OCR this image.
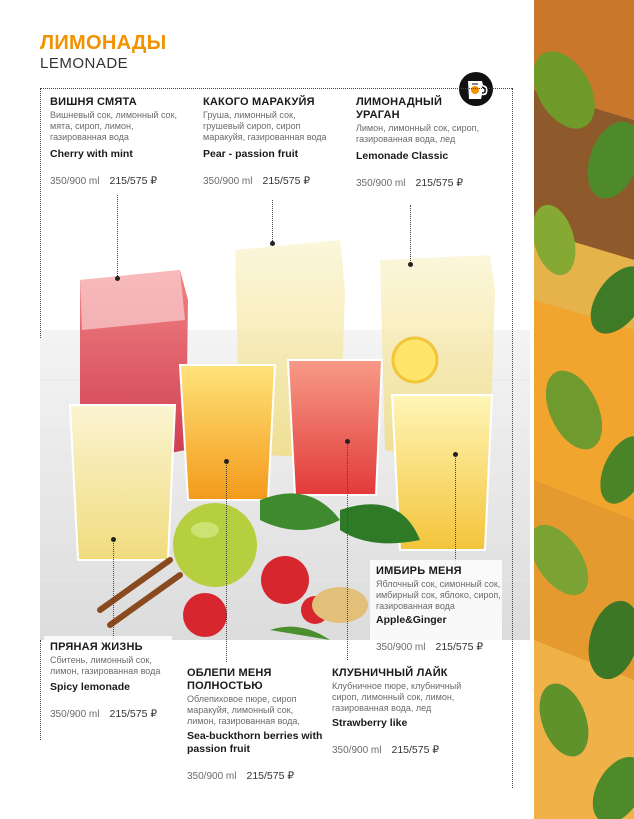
ЛИМОНАДЫ
LEMONADE
ВИШНЯ СМЯТА
Вишневый сок, лимонный сок, мята, сироп, лимон, газированная вода
Cherry with mint
350/900 ml 215/575 ₽
КАКОГО МАРАКУЙЯ
Груша, лимонный сок, грушевый сироп, сироп маракуйя, газированная вода
Pear - passion fruit
350/900 ml 215/575 ₽
ЛИМОНАДНЫЙ УРАГАН
Лимон, лимонный сок, сироп, газированная вода, лед
Lemonade Classic
350/900 ml 215/575 ₽
ИМБИРЬ МЕНЯ
Яблочный сок, симонный сок, имбирный сок, яблоко, сироп, газированная вода
Apple&Ginger
350/900 ml 215/575 ₽
ПРЯНАЯ ЖИЗНЬ
Сбитень, лимонный сок, лимон, газированная вода
Spicy lemonade
350/900 ml 215/575 ₽
ОБЛЕПИ МЕНЯ ПОЛНОСТЬЮ
Облепиховое пюре, сироп маракуйя, лимонный сок, лимон, газированная вода,
Sea-buckthorn berries with passion fruit
350/900 ml 215/575 ₽
КЛУБНИЧНЫЙ ЛАЙК
Клубничное пюре, клубничный сироп, лимонный сок, лимон, газированная вода, лед
Strawberry like
350/900 ml 215/575 ₽
